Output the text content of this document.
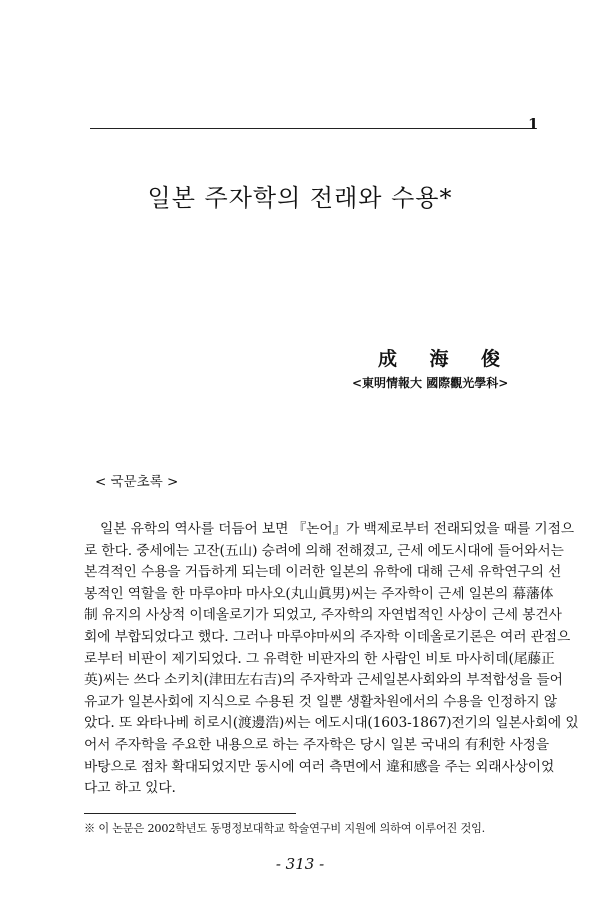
1
일본 주자학의 전래와 수용*
成 海 俊
<東明情報大 國際觀光學科>
< 국문초록 >
일본 유학의 역사를 더듬어 보면 『논어』가 백제로부터 전래되었을 때를 기점으
로 한다. 중세에는 고잔(五山) 승려에 의해 전해졌고, 근세 에도시대에 들어와서는
본격적인 수용을 거듭하게 되는데 이러한 일본의 유학에 대해 근세 유학연구의 선
봉적인 역할을 한 마루야마 마사오(丸山眞男)씨는 주자학이 근세 일본의 幕藩体
制 유지의 사상적 이데올로기가 되었고, 주자학의 자연법적인 사상이 근세 봉건사
회에 부합되었다고 했다. 그러나 마루야마씨의 주자학 이데올로기론은 여러 관점으
로부터 비판이 제기되었다. 그 유력한 비판자의 한 사람인 비토 마사히데(尾藤正
英)씨는 쓰다 소키치(津田左右吉)의 주자학과 근세일본사회와의 부적합성을 들어
유교가 일본사회에 지식으로 수용된 것 일뿐 생활차원에서의 수용을 인정하지 않
았다. 또 와타나베 히로시(渡邊浩)씨는 에도시대(1603-1867)전기의 일본사회에 있
어서 주자학을 주요한 내용으로 하는 주자학은 당시 일본 국내의 有利한 사정을
바탕으로 점차 확대되었지만 동시에 여러 측면에서 違和感을 주는 외래사상이었
다고 하고 있다.
※ 이 논문은 2002학년도 동명정보대학교 학술연구비 지원에 의하여 이루어진 것임.
- 313 -
